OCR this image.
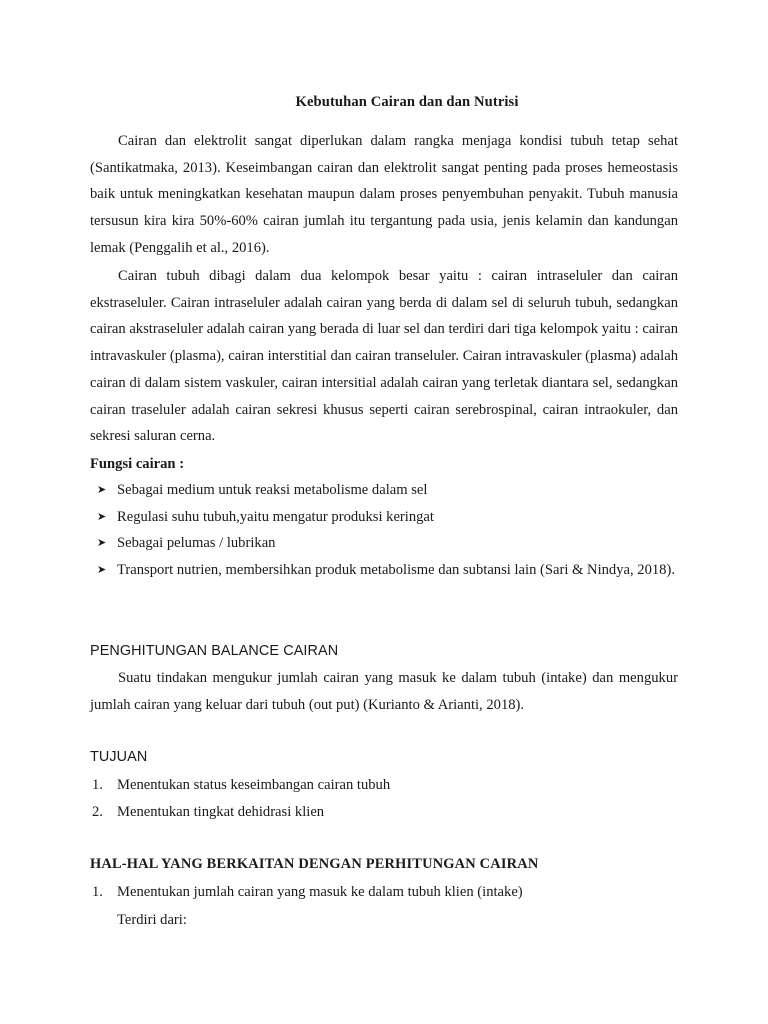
Kebutuhan Cairan dan dan Nutrisi

Cairan dan elektrolit sangat diperlukan dalam rangka menjaga kondisi tubuh tetap sehat (Santikatmaka, 2013). Keseimbangan cairan dan elektrolit sangat penting pada proses hemeostasis baik untuk meningkatkan kesehatan maupun dalam proses penyembuhan penyakit. Tubuh manusia tersusun kira kira 50%-60% cairan jumlah itu tergantung pada usia, jenis kelamin dan kandungan lemak (Penggalih et al., 2016).

Cairan tubuh dibagi dalam dua kelompok besar yaitu : cairan intraseluler dan cairan ekstraseluler. Cairan intraseluler adalah cairan yang berda di dalam sel di seluruh tubuh, sedangkan cairan akstraseluler adalah cairan yang berada di luar sel dan terdiri dari tiga kelompok yaitu : cairan intravaskuler (plasma), cairan interstitial dan cairan transeluler. Cairan intravaskuler (plasma) adalah cairan di dalam sistem vaskuler, cairan intersitial adalah cairan yang terletak diantara sel, sedangkan cairan traseluler adalah cairan sekresi khusus seperti cairan serebrospinal, cairan intraokuler, dan sekresi saluran cerna.

Fungsi cairan :
➤ Sebagai medium untuk reaksi metabolisme dalam sel
➤ Regulasi suhu tubuh,yaitu mengatur produksi keringat
➤ Sebagai pelumas / lubrikan
➤ Transport nutrien, membersihkan produk metabolisme dan subtansi lain (Sari & Nindya, 2018).
PENGHITUNGAN BALANCE CAIRAN

Suatu tindakan mengukur jumlah cairan yang masuk ke dalam tubuh (intake) dan mengukur jumlah cairan yang keluar dari tubuh (out put) (Kurianto & Arianti, 2018).

TUJUAN
1. Menentukan status keseimbangan cairan tubuh
2. Menentukan tingkat dehidrasi klien
HAL-HAL YANG BERKAITAN DENGAN PERHITUNGAN CAIRAN
1. Menentukan jumlah cairan yang masuk ke dalam tubuh klien (intake)
Terdiri dari:
